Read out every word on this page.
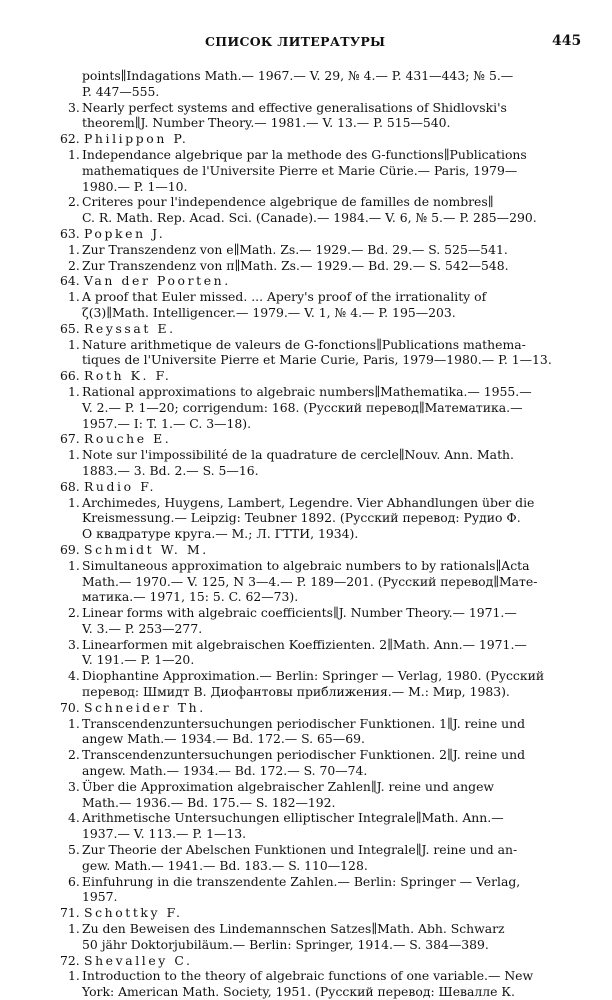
СПИСОК ЛИТЕРАТУРЫ	445
points∥Indagations Math.— 1967.— V. 29, № 4.— P. 431—443; № 5.—
P. 447—555.
3. Nearly perfect systems and effective generalisations of Shidlovski's
theorem∥J. Number Theory.— 1981.— V. 13.— P. 515—540.
62. Philippon P.
1. Independance algebrique par la methode des G-functions∥Publications
mathematiques de l'Universite Pierre et Marie Cürie.— Paris, 1979—
1980.— P. 1—10.
2. Criteres pour l'independence algebrique de familles de nombres∥
C. R. Math. Rep. Acad. Sci. (Canade).— 1984.— V. 6, № 5.— P. 285—290.
63. Popken J.
1. Zur Transzendenz von e∥Math. Zs.— 1929.— Bd. 29.— S. 525—541.
2. Zur Transzendenz von π∥Math. Zs.— 1929.— Bd. 29.— S. 542—548.
64. Van der Poorten.
1. A proof that Euler missed. ... Apery's proof of the irrationality of
ζ(3)∥Math. Intelligencer.— 1979.— V. 1, № 4.— P. 195—203.
65. Reyssat E.
1. Nature arithmetique de valeurs de G-fonctions∥Publications mathema-
tiques de l'Universite Pierre et Marie Curie, Paris, 1979—1980.— P. 1—13.
66. Roth K. F.
1. Rational approximations to algebraic numbers∥Mathematika.— 1955.—
V. 2.— P. 1—20; corrigendum: 168. (Русский перевод∥Математика.—
1957.— I: T. 1.— C. 3—18).
67. Rouche E.
1. Note sur l'impossibilité de la quadrature de cercle∥Nouv. Ann. Math.
1883.— 3. Bd. 2.— S. 5—16.
68. Rudio F.
1. Archimedes, Huygens, Lambert, Legendre. Vier Abhandlungen über die
Kreismessung.— Leipzig: Teubner 1892. (Русский перевод: Рудио Ф.
О квадратуре круга.— М.; Л. ГТТИ, 1934).
69. Schmidt W. M.
1. Simultaneous approximation to algebraic numbers to by rationals∥Acta
Math.— 1970.— V. 125, N 3—4.— P. 189—201. (Русский перевод∥Мате-
матика.— 1971, 15: 5. C. 62—73).
2. Linear forms with algebraic coefficients∥J. Number Theory.— 1971.—
V. 3.— P. 253—277.
3. Linearformen mit algebraischen Koeffizienten. 2∥Math. Ann.— 1971.—
V. 191.— P. 1—20.
4. Diophantine Approximation.— Berlin: Springer — Verlag, 1980. (Русский
перевод: Шмидт В. Диофантовы приближения.— М.: Мир, 1983).
70. Schneider Th.
1. Transcendenzuntersuchungen periodischer Funktionen. 1∥J. reine und
angew Math.— 1934.— Bd. 172.— S. 65—69.
2. Transcendenzuntersuchungen periodischer Funktionen. 2∥J. reine und
angew. Math.— 1934.— Bd. 172.— S. 70—74.
3. Über die Approximation algebraischer Zahlen∥J. reine und angew
Math.— 1936.— Bd. 175.— S. 182—192.
4. Arithmetische Untersuchungen elliptischer Integrale∥Math. Ann.—
1937.— V. 113.— P. 1—13.
5. Zur Theorie der Abelschen Funktionen und Integrale∥J. reine und an-
gew. Math.— 1941.— Bd. 183.— S. 110—128.
6. Einfuhrung in die transzendente Zahlen.— Berlin: Springer — Verlag,
1957.
71. Schottky F.
1. Zu den Beweisen des Lindemannschen Satzes∥Math. Abh. Schwarz
50 jähr Doktorjubiläum.— Berlin: Springer, 1914.— S. 384—389.
72. Shevalley C.
1. Introduction to the theory of algebraic functions of one variable.— New
York: American Math. Society, 1951. (Русский перевод: Шевалле К.
